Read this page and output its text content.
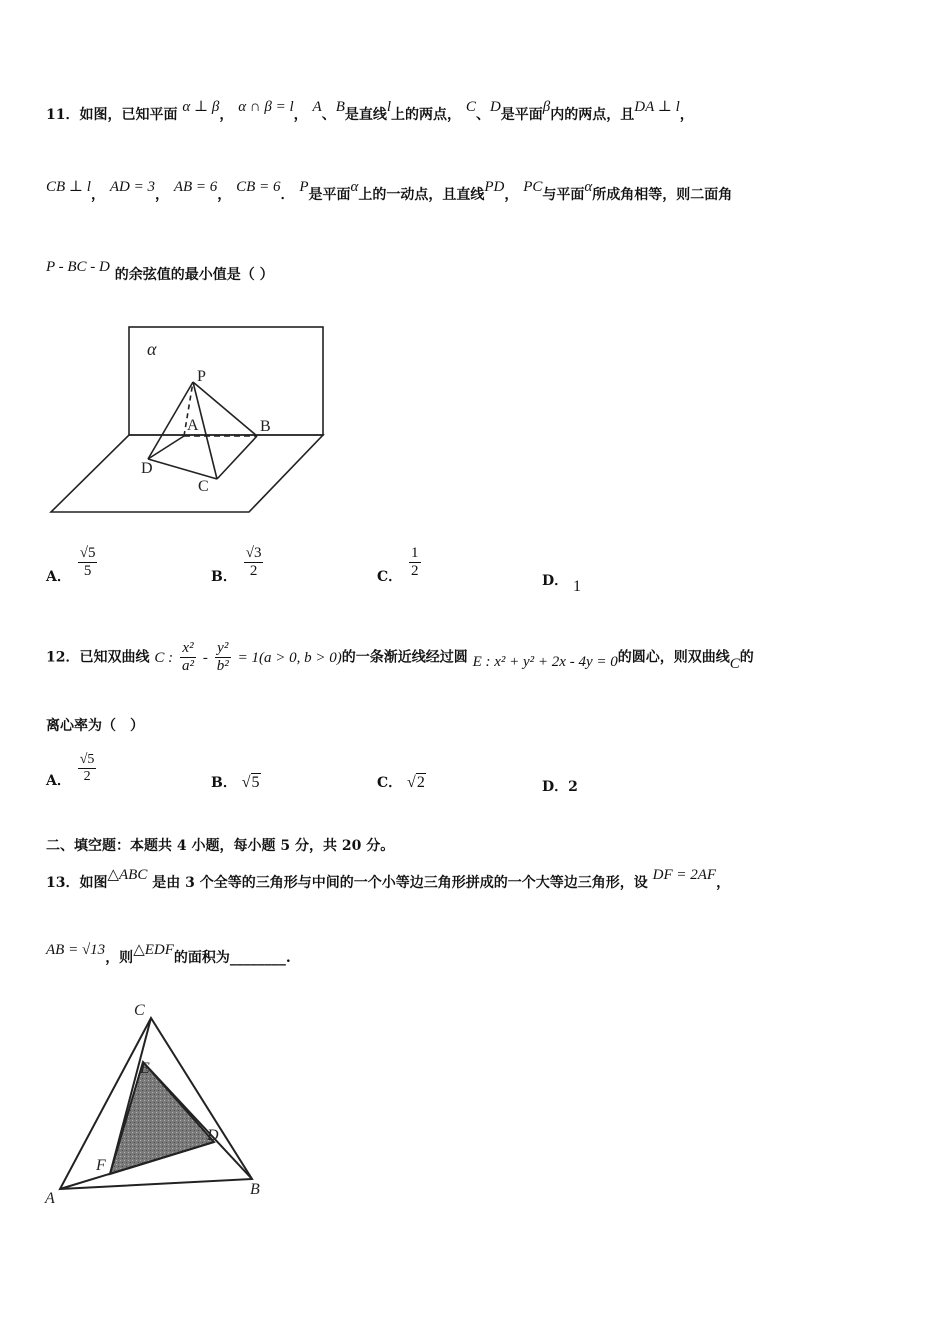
11．如图，已知平面 α ⊥ β， α ∩ β = l， A、B是直线l上的两点， C、D是平面β内的两点，且DA ⊥ l，
CB ⊥ l， AD = 3， AB = 6， CB = 6． P是平面α上的一动点，且直线PD， PC与平面α所成角相等，则二面角
P - BC - D 的余弦值的最小值是（ ）
α
P
A	B
D
C
A． $\frac{√5}{5}$	B． $\frac{√3}{2}$	C． $\frac{1}{2}$
D． 1
12．已知双曲线 C : $\frac{\text{x²}}{\text{a²}} - \frac{\text{y²}}{\text{b²}} = 1(a > 0$, b > 0)的一条渐近线经过圆 E : x² + y² + 2x - 4y = 0的圆心，则双曲线C的
离心率为（　）
A． $\frac{√5}{2}$	B． √5	C． √2	D．2
二、填空题：本题共 4 小题，每小题 5 分，共 20 分。
13．如图△ABC 是由 3 个全等的三角形与中间的一个小等边三角形拼成的一个大等边三角形，设 DF = 2AF，
AB = √13，则△EDF的面积为________.
C
E
D
F
A
B
